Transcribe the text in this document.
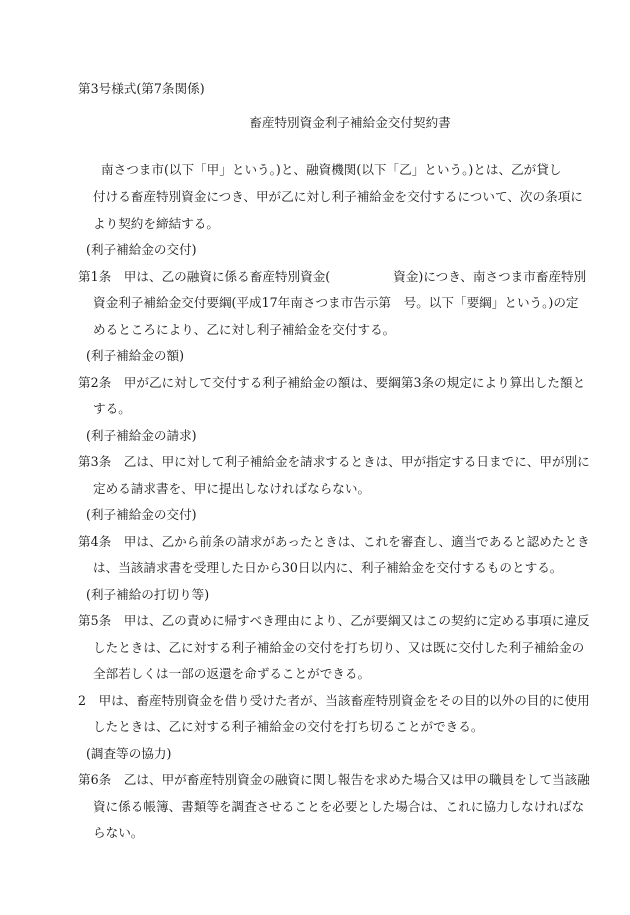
第3号様式(第7条関係)
畜産特別資金利子補給金交付契約書
南さつま市(以下「甲」という。)と、融資機関(以下「乙」という。)とは、乙が貸し
付ける畜産特別資金につき、甲が乙に対し利子補給金を交付するについて、次の条項に
より契約を締結する。
(利子補給金の交付)
第1条　甲は、乙の融資に係る畜産特別資金(　　　　　資金)につき、南さつま市畜産特別
資金利子補給金交付要綱(平成17年南さつま市告示第　号。以下「要綱」という。)の定
めるところにより、乙に対し利子補給金を交付する。
(利子補給金の額)
第2条　甲が乙に対して交付する利子補給金の額は、要綱第3条の規定により算出した額と
する。
(利子補給金の請求)
第3条　乙は、甲に対して利子補給金を請求するときは、甲が指定する日までに、甲が別に
定める請求書を、甲に提出しなければならない。
(利子補給金の交付)
第4条　甲は、乙から前条の請求があったときは、これを審査し、適当であると認めたとき
は、当該請求書を受理した日から30日以内に、利子補給金を交付するものとする。
(利子補給の打切り等)
第5条　甲は、乙の責めに帰すべき理由により、乙が要綱又はこの契約に定める事項に違反
したときは、乙に対する利子補給金の交付を打ち切り、又は既に交付した利子補給金の
全部若しくは一部の返還を命ずることができる。
2　甲は、畜産特別資金を借り受けた者が、当該畜産特別資金をその目的以外の目的に使用
したときは、乙に対する利子補給金の交付を打ち切ることができる。
(調査等の協力)
第6条　乙は、甲が畜産特別資金の融資に関し報告を求めた場合又は甲の職員をして当該融
資に係る帳簿、書類等を調査させることを必要とした場合は、これに協力しなければな
らない。
